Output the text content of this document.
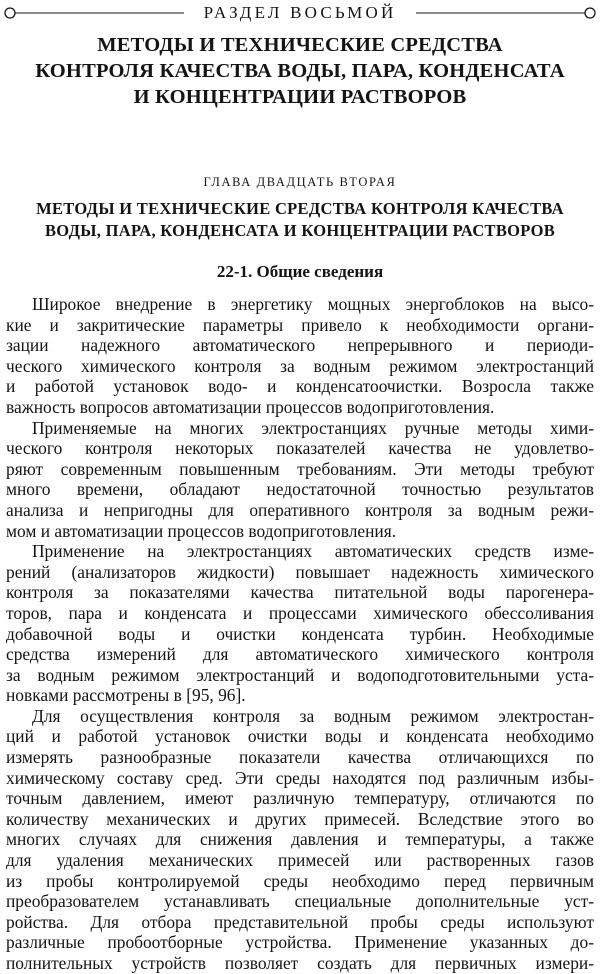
РАЗДЕЛ ВОСЬМОЙ
МЕТОДЫ И ТЕХНИЧЕСКИЕ СРЕДСТВА
КОНТРОЛЯ КАЧЕСТВА ВОДЫ, ПАРА, КОНДЕНСАТА
И КОНЦЕНТРАЦИИ РАСТВОРОВ
ГЛАВА ДВАДЦАТЬ ВТОРАЯ
МЕТОДЫ И ТЕХНИЧЕСКИЕ СРЕДСТВА КОНТРОЛЯ КАЧЕСТВА
ВОДЫ, ПАРА, КОНДЕНСАТА И КОНЦЕНТРАЦИИ РАСТВОРОВ
22-1. Общие сведения
Широкое внедрение в энергетику мощных энергоблоков на высо-
кие и закритические параметры привело к необходимости органи-
зации надежного автоматического непрерывного и периоди-
ческого химического контроля за водным режимом электростанций
и работой установок водо- и конденсатоочистки. Возросла также
важность вопросов автоматизации процессов водоприготовления.
Применяемые на многих электростанциях ручные методы хими-
ческого контроля некоторых показателей качества не удовлетво-
ряют современным повышенным требованиям. Эти методы требуют
много времени, обладают недостаточной точностью результатов
анализа и непригодны для оперативного контроля за водным режи-
мом и автоматизации процессов водоприготовления.
Применение на электростанциях автоматических средств изме-
рений (анализаторов жидкости) повышает надежность химического
контроля за показателями качества питательной воды парогенера-
торов, пара и конденсата и процессами химического обессоливания
добавочной воды и очистки конденсата турбин. Необходимые
средства измерений для автоматического химического контроля
за водным режимом электростанций и водоподготовительными уста-
новками рассмотрены в [95, 96].
Для осуществления контроля за водным режимом электростан-
ций и работой установок очистки воды и конденсата необходимо
измерять разнообразные показатели качества отличающихся по
химическому составу сред. Эти среды находятся под различным избы-
точным давлением, имеют различную температуру, отличаются по
количеству механических и других примесей. Вследствие этого во
многих случаях для снижения давления и температуры, а также
для удаления механических примесей или растворенных газов
из пробы контролируемой среды необходимо перед первичным
преобразователем устанавливать специальные дополнительные уст-
ройства. Для отбора представительной пробы среды используют
различные пробоотборные устройства. Применение указанных до-
полнительных устройств позволяет создать для первичных измери-
